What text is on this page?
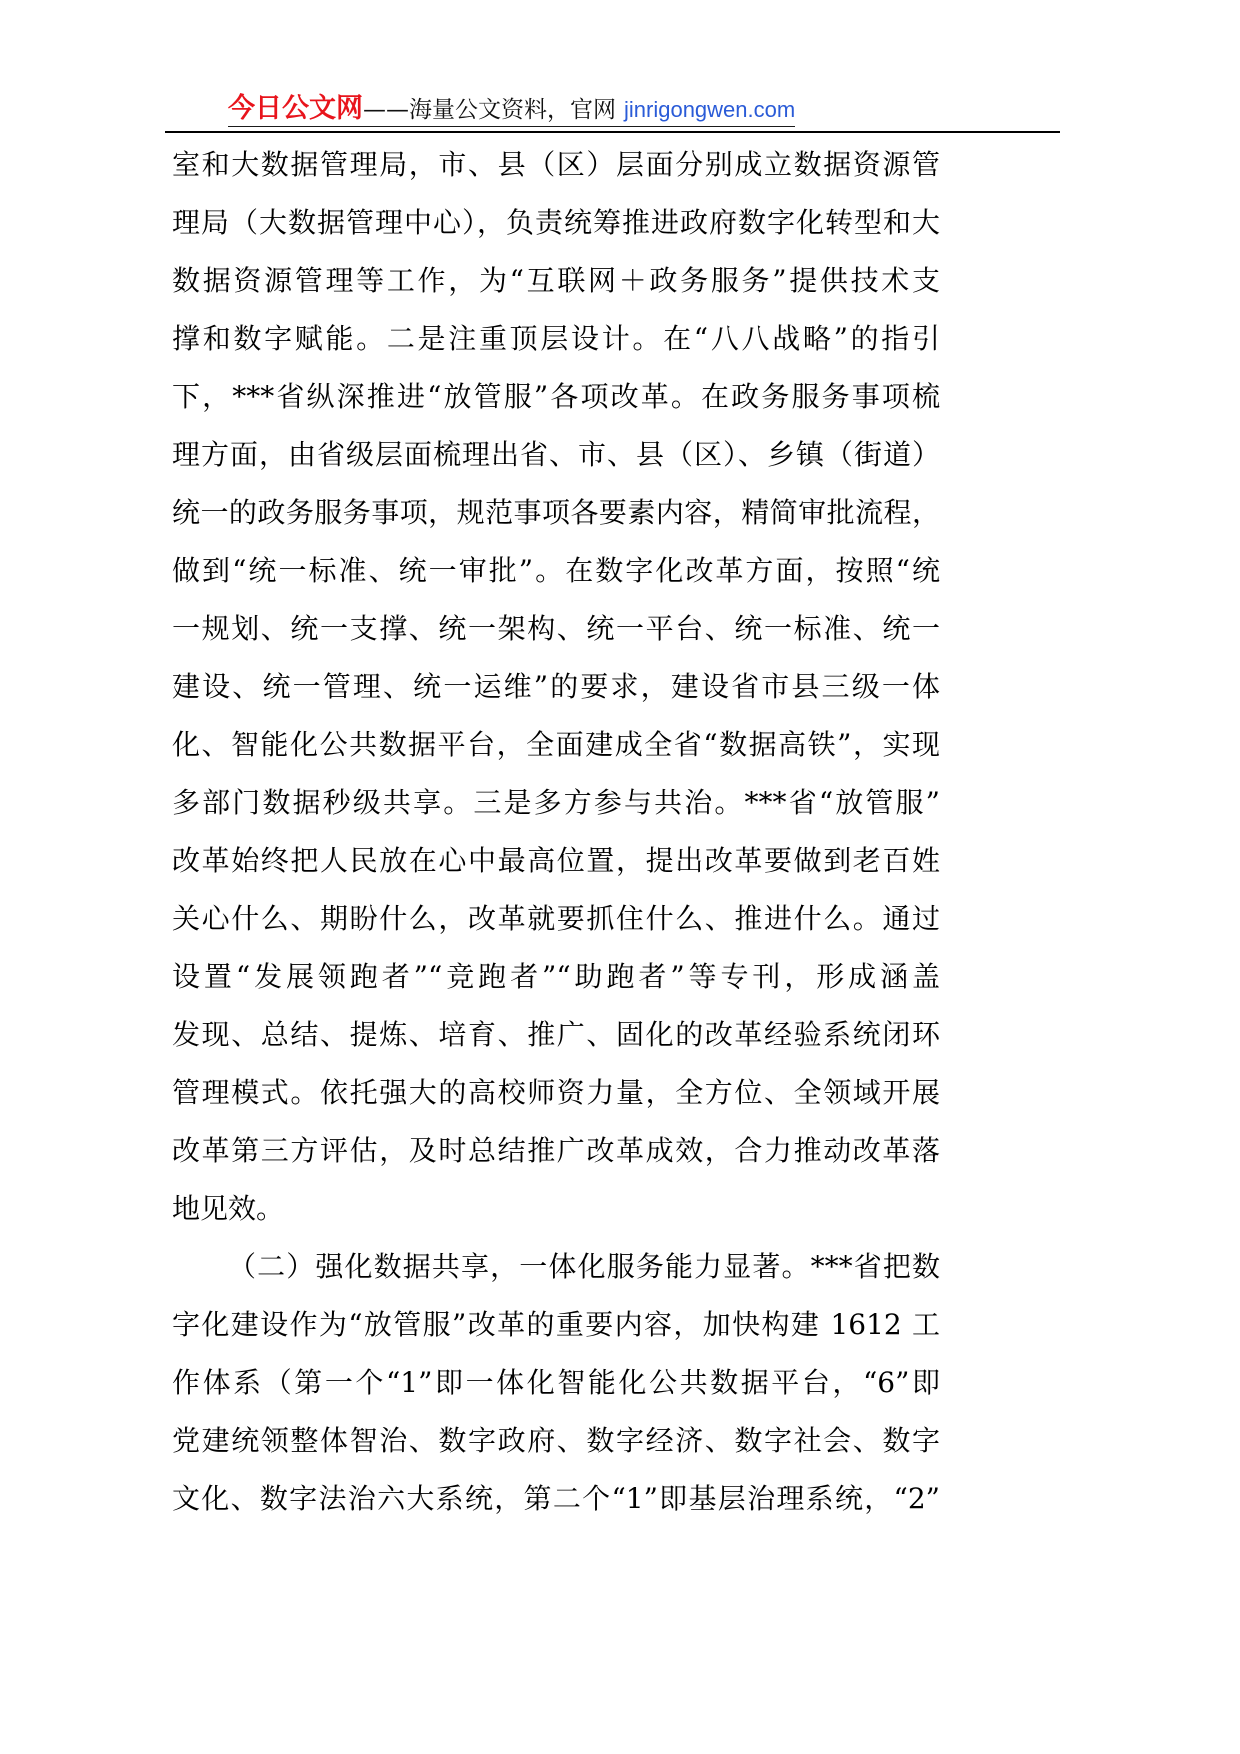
今日公文网——海量公文资料，官网 jinrigongwen.com
室和大数据管理局，市、县（区）层面分别成立数据资源管
理局（大数据管理中心），负责统筹推进政府数字化转型和大
数据资源管理等工作，为“互联网＋政务服务”提供技术支
撑和数字赋能。二是注重顶层设计。在“八八战略”的指引
下，***省纵深推进“放管服”各项改革。在政务服务事项梳
理方面，由省级层面梳理出省、市、县（区）、乡镇（街道）
统一的政务服务事项，规范事项各要素内容，精简审批流程，
做到“统一标准、统一审批”。在数字化改革方面，按照“统
一规划、统一支撑、统一架构、统一平台、统一标准、统一
建设、统一管理、统一运维”的要求，建设省市县三级一体
化、智能化公共数据平台，全面建成全省“数据高铁”，实现
多部门数据秒级共享。三是多方参与共治。***省“放管服”
改革始终把人民放在心中最高位置，提出改革要做到老百姓
关心什么、期盼什么，改革就要抓住什么、推进什么。通过
设置“发展领跑者”“竞跑者”“助跑者”等专刊，形成涵盖
发现、总结、提炼、培育、推广、固化的改革经验系统闭环
管理模式。依托强大的高校师资力量，全方位、全领域开展
改革第三方评估，及时总结推广改革成效，合力推动改革落
地见效。
（二）强化数据共享，一体化服务能力显著。***省把数
字化建设作为“放管服”改革的重要内容，加快构建 1612 工
作体系（第一个“1”即一体化智能化公共数据平台，“6”即
党建统领整体智治、数字政府、数字经济、数字社会、数字
文化、数字法治六大系统，第二个“1”即基层治理系统，“2”
